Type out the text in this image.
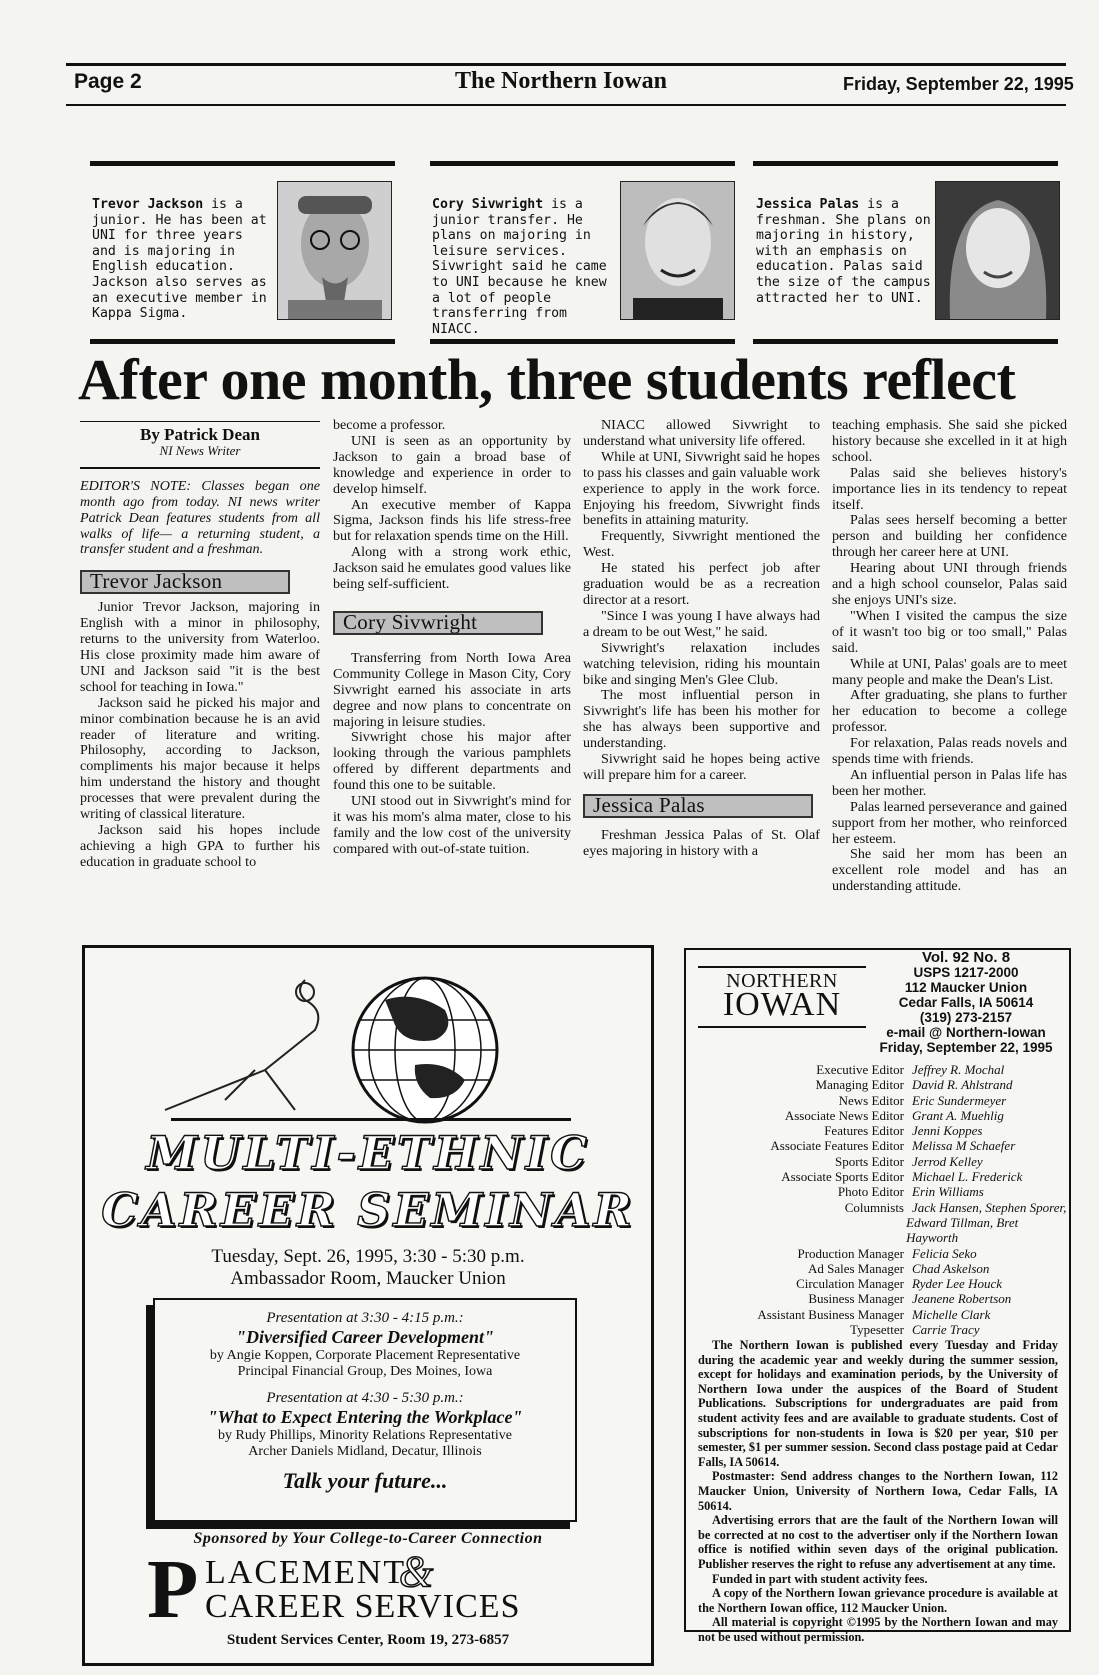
Page 2	The Northern Iowan	Friday, September 22, 1995
Trevor Jackson is a junior. He has been at UNI for three years and is majoring in English education. Jackson also serves as an executive member in Kappa Sigma.
Cory Sivwright is a junior transfer. He plans on majoring in leisure services. Sivwright said he came to UNI because he knew a lot of people transferring from NIACC.
Jessica Palas is a freshman. She plans on majoring in history, with an emphasis on education. Palas said the size of the campus attracted her to UNI.
After one month, three students reflect
By Patrick Dean
NI News Writer

EDITOR'S NOTE: Classes began one month ago from today. NI news writer Patrick Dean features students from all walks of life— a returning student, a transfer student and a freshman.

Trevor Jackson

Junior Trevor Jackson, majoring in English with a minor in philosophy, returns to the university from Waterloo. His close proximity made him aware of UNI and Jackson said "it is the best school for teaching in Iowa."

Jackson said he picked his major and minor combination because he is an avid reader of literature and writing. Philosophy, according to Jackson, compliments his major because it helps him understand the history and thought processes that were prevalent during the writing of classical literature.

Jackson said his hopes include achieving a high GPA to further his education in graduate school to

become a professor.

UNI is seen as an opportunity by Jackson to gain a broad base of knowledge and experience in order to develop himself.

An executive member of Kappa Sigma, Jackson finds his life stress-free but for relaxation spends time on the Hill.

Along with a strong work ethic, Jackson said he emulates good values like being self-sufficient.

Cory Sivwright

Transferring from North Iowa Area Community College in Mason City, Cory Sivwright earned his associate in arts degree and now plans to concentrate on majoring in leisure studies.

Sivwright chose his major after looking through the various pamphlets offered by different departments and found this one to be suitable.

UNI stood out in Sivwright's mind for it was his mom's alma mater, close to his family and the low cost of the university compared with out-of-state tuition.

NIACC allowed Sivwright to understand what university life offered.

While at UNI, Sivwright said he hopes to pass his classes and gain valuable work experience to apply in the work force. Enjoying his freedom, Sivwright finds benefits in attaining maturity.

Frequently, Sivwright mentioned the West.

He stated his perfect job after graduation would be as a recreation director at a resort.

"Since I was young I have always had a dream to be out West," he said.

Sivwright's relaxation includes watching television, riding his mountain bike and singing Men's Glee Club.

The most influential person in Sivwright's life has been his mother for she has always been supportive and understanding.

Sivwright said he hopes being active will prepare him for a career.

Jessica Palas

Freshman Jessica Palas of St. Olaf eyes majoring in history with a

teaching emphasis. She said she picked history because she excelled in it at high school.

Palas said she believes history's importance lies in its tendency to repeat itself.

Palas sees herself becoming a better person and building her confidence through her career here at UNI.

Hearing about UNI through friends and a high school counselor, Palas said she enjoys UNI's size.

"When I visited the campus the size of it wasn't too big or too small," Palas said.

While at UNI, Palas' goals are to meet many people and make the Dean's List.

After graduating, she plans to further her education to become a college professor.

For relaxation, Palas reads novels and spends time with friends.

An influential person in Palas life has been her mother.

Palas learned perseverance and gained support from her mother, who reinforced her esteem.

She said her mom has been an excellent role model and has an understanding attitude.

MULTI-ETHNIC
CAREER SEMINAR
Tuesday, Sept. 26, 1995, 3:30 - 5:30 p.m.
Ambassador Room, Maucker Union
Presentation at 3:30 - 4:15 p.m.:
"Diversified Career Development"
by Angie Koppen, Corporate Placement Representative
Principal Financial Group, Des Moines, Iowa
Presentation at 4:30 - 5:30 p.m.:
"What to Expect Entering the Workplace"
by Rudy Phillips, Minority Relations Representative
Archer Daniels Midland, Decatur, Illinois
Talk your future...
Sponsored by Your College-to-Career Connection
P LACEMENT
&
CAREER SERVICES
Student Services Center, Room 19, 273-6857
NORTHERN
IOWAN
Vol. 92 No. 8
USPS 1217-2000
112 Maucker Union
Cedar Falls, IA 50614
(319) 273-2157
e-mail @ Northern-Iowan
Friday, September 22, 1995
Executive Editor Jeffrey R. Mochal
Managing Editor David R. Ahlstrand
News Editor Eric Sundermeyer
Associate News Editor Grant A. Muehlig
Features Editor Jenni Koppes
Associate Features Editor Melissa M Schaefer
Sports Editor Jerrod Kelley
Associate Sports Editor Michael L. Frederick
Photo Editor Erin Williams
Columnists Jack Hansen, Stephen Sporer,
Edward Tillman, Bret Hayworth
Production Manager Felicia Seko
Ad Sales Manager Chad Askelson
Circulation Manager Ryder Lee Houck
Business Manager Jeanene Robertson
Assistant Business Manager Michelle Clark
Typesetter Carrie Tracy

The Northern Iowan is published every Tuesday and Friday during the academic year and weekly during the summer session, except for holidays and examination periods, by the University of Northern Iowa under the auspices of the Board of Student Publications. Subscriptions for undergraduates are paid from student activity fees and are available to graduate students. Cost of subscriptions for non-students in Iowa is $20 per year, $10 per semester, $1 per summer session. Second class postage paid at Cedar Falls, IA 50614.

Postmaster: Send address changes to the Northern Iowan, 112 Maucker Union, University of Northern Iowa, Cedar Falls, IA 50614.

Advertising errors that are the fault of the Northern Iowan will be corrected at no cost to the advertiser only if the Northern Iowan office is notified within seven days of the original publication. Publisher reserves the right to refuse any advertisement at any time.

Funded in part with student activity fees.

A copy of the Northern Iowan grievance procedure is available at the Northern Iowan office, 112 Maucker Union.

All material is copyright ©1995 by the Northern Iowan and may not be used without permission.
